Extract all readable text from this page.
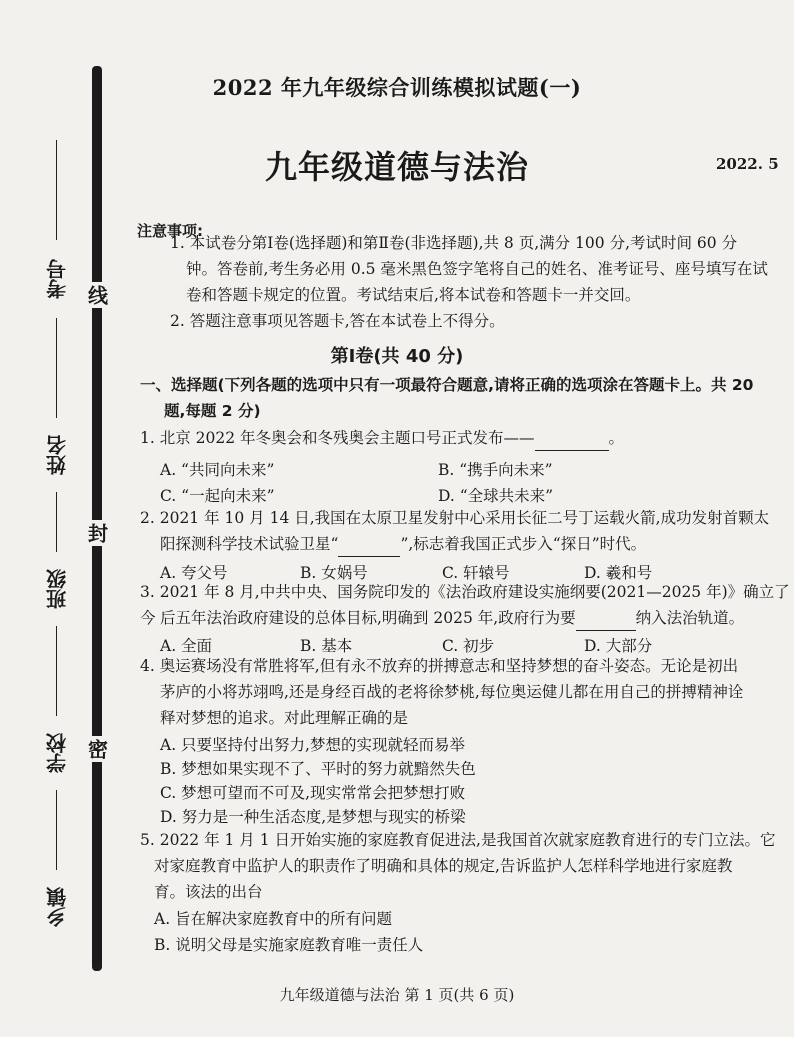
线
封
密
考号
姓名
班级
学校
乡镇
2022 年九年级综合训练模拟试题(一)
九年级道德与法治	2022. 5
注意事项:
1. 本试卷分第Ⅰ卷(选择题)和第Ⅱ卷(非选择题),共 8 页,满分 100 分,考试时间 60 分
钟。答卷前,考生务必用 0.5 毫米黑色签字笔将自己的姓名、准考证号、座号填写在试
卷和答题卡规定的位置。考试结束后,将本试卷和答题卡一并交回。
2. 答题注意事项见答题卡,答在本试卷上不得分。
第Ⅰ卷(共 40 分)
一、选择题(下列各题的选项中只有一项最符合题意,请将正确的选项涂在答题卡上。共 20
题,每题 2 分)
1. 北京 2022 年冬奥会和冬残奥会主题口号正式发布——	。
A. “共同向未来”	B. “携手向未来”
C. “一起向未来”	D. “全球共未来”
2. 2021 年 10 月 14 日,我国在太原卫星发射中心采用长征二号丁运载火箭,成功发射首颗太
阳探测科学技术试验卫星“	”,标志着我国正式步入“探日”时代。
A. 夸父号	B. 女娲号	C. 轩辕号	D. 羲和号
3. 2021 年 8 月,中共中央、国务院印发的《法治政府建设实施纲要(2021—2025 年)》确立了今 后五年法治政府建设的总体目标,明确到 2025 年,政府行为要	纳入法治轨道。
A. 全面	B. 基本	C. 初步	D. 大部分
4. 奥运赛场没有常胜将军,但有永不放弃的拼搏意志和坚持梦想的奋斗姿态。无论是初出
茅庐的小将苏翊鸣,还是身经百战的老将徐梦桃,每位奥运健儿都在用自己的拼搏精神诠
释对梦想的追求。对此理解正确的是
A. 只要坚持付出努力,梦想的实现就轻而易举
B. 梦想如果实现不了、平时的努力就黯然失色
C. 梦想可望而不可及,现实常常会把梦想打败
D. 努力是一种生活态度,是梦想与现实的桥梁
5. 2022 年 1 月 1 日开始实施的家庭教育促进法,是我国首次就家庭教育进行的专门立法。它
对家庭教育中监护人的职责作了明确和具体的规定,告诉监护人怎样科学地进行家庭教
育。该法的出台
A. 旨在解决家庭教育中的所有问题
B. 说明父母是实施家庭教育唯一责任人
九年级道德与法治 第 1 页(共 6 页)
